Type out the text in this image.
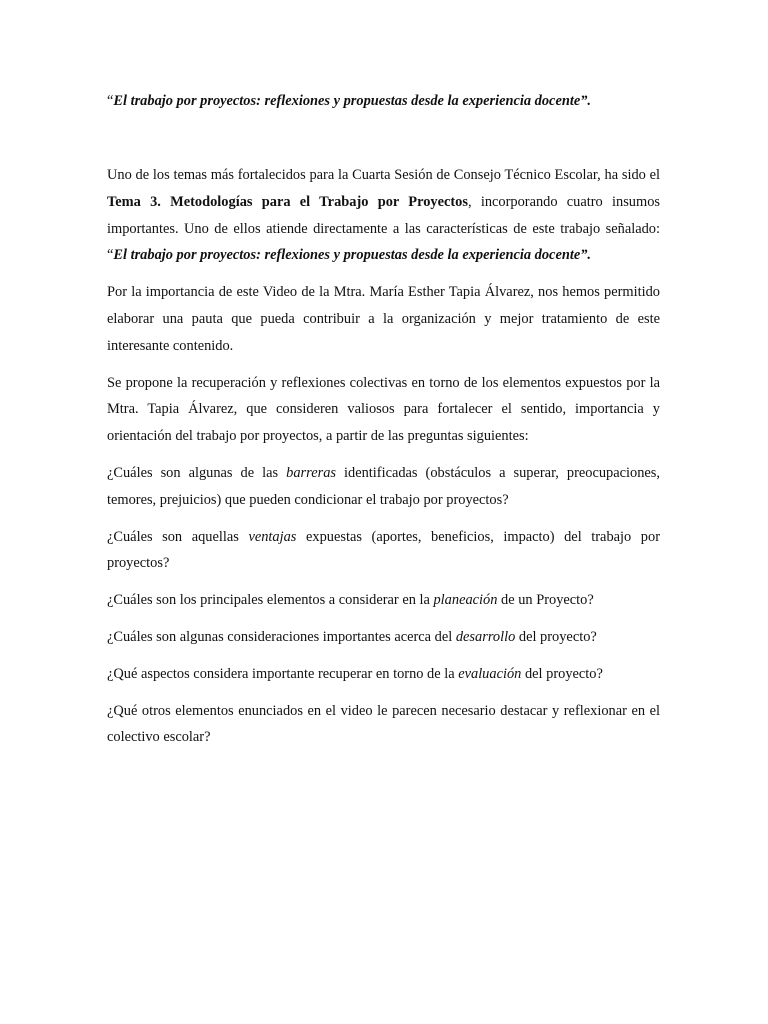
“El trabajo por proyectos: reflexiones y propuestas desde la experiencia docente”.

Uno de los temas más fortalecidos para la Cuarta Sesión de Consejo Técnico Escolar, ha sido el Tema 3. Metodologías para el Trabajo por Proyectos, incorporando cuatro insumos importantes. Uno de ellos atiende directamente a las características de este trabajo señalado: “El trabajo por proyectos: reflexiones y propuestas desde la experiencia docente”.

Por la importancia de este Video de la Mtra. María Esther Tapia Álvarez, nos hemos permitido elaborar una pauta que pueda contribuir a la organización y mejor tratamiento de este interesante contenido.

Se propone la recuperación y reflexiones colectivas en torno de los elementos expuestos por la Mtra. Tapia Álvarez, que consideren valiosos para fortalecer el sentido, importancia y orientación del trabajo por proyectos, a partir de las preguntas siguientes:

¿Cuáles son algunas de las barreras identificadas (obstáculos a superar, preocupaciones, temores, prejuicios) que pueden condicionar el trabajo por proyectos?

¿Cuáles son aquellas ventajas expuestas (aportes, beneficios, impacto) del trabajo por proyectos?

¿Cuáles son los principales elementos a considerar en la planeación de un Proyecto?

¿Cuáles son algunas consideraciones importantes acerca del desarrollo del proyecto?

¿Qué aspectos considera importante recuperar en torno de la evaluación del proyecto?

¿Qué otros elementos enunciados en el video le parecen necesario destacar y reflexionar en el colectivo escolar?
